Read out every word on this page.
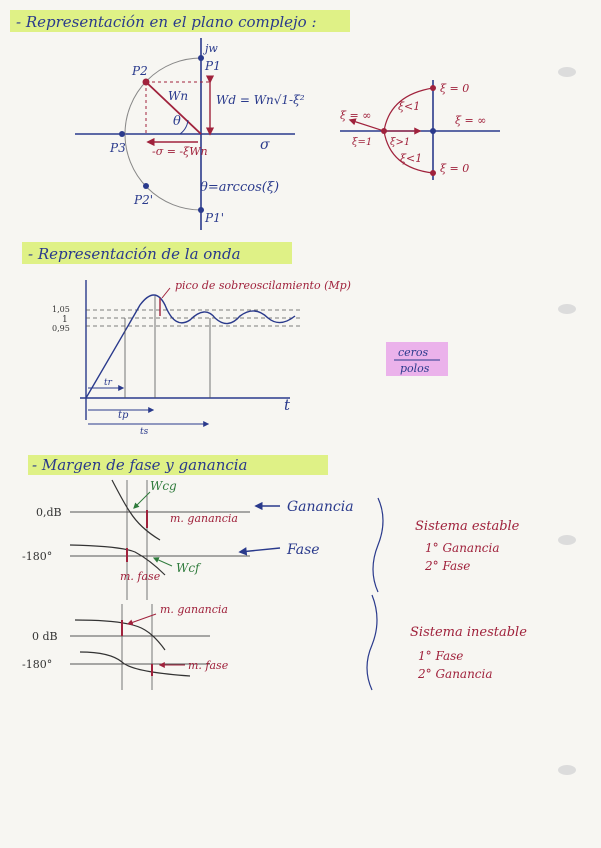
- Representación en el plano complejo :
jw
σ
P1
P2
P3
P2'
P1'
Wn
θ
Wd = Wn√1-ξ²
-σ = -ξWn
θ=arccos(ξ)
ξ = 0
ξ<1
ξ = ∞
ξ = ∞
ξ=1 ξ>1
ξ<1
ξ = 0
- Representación de la onda
t
1,05
1
0,95
pico de sobreoscilamiento (Mp)
tr
tp
ts
ceros
polos
- Margen de fase y ganancia
0,dB
-180°
Wcg
Wcf
m. ganancia
m. fase
Ganancia
Fase
Sistema estable
1° Ganancia
2° Fase
0 dB
-180°
m. ganancia
m. fase
Sistema inestable
1° Fase
2° Ganancia
